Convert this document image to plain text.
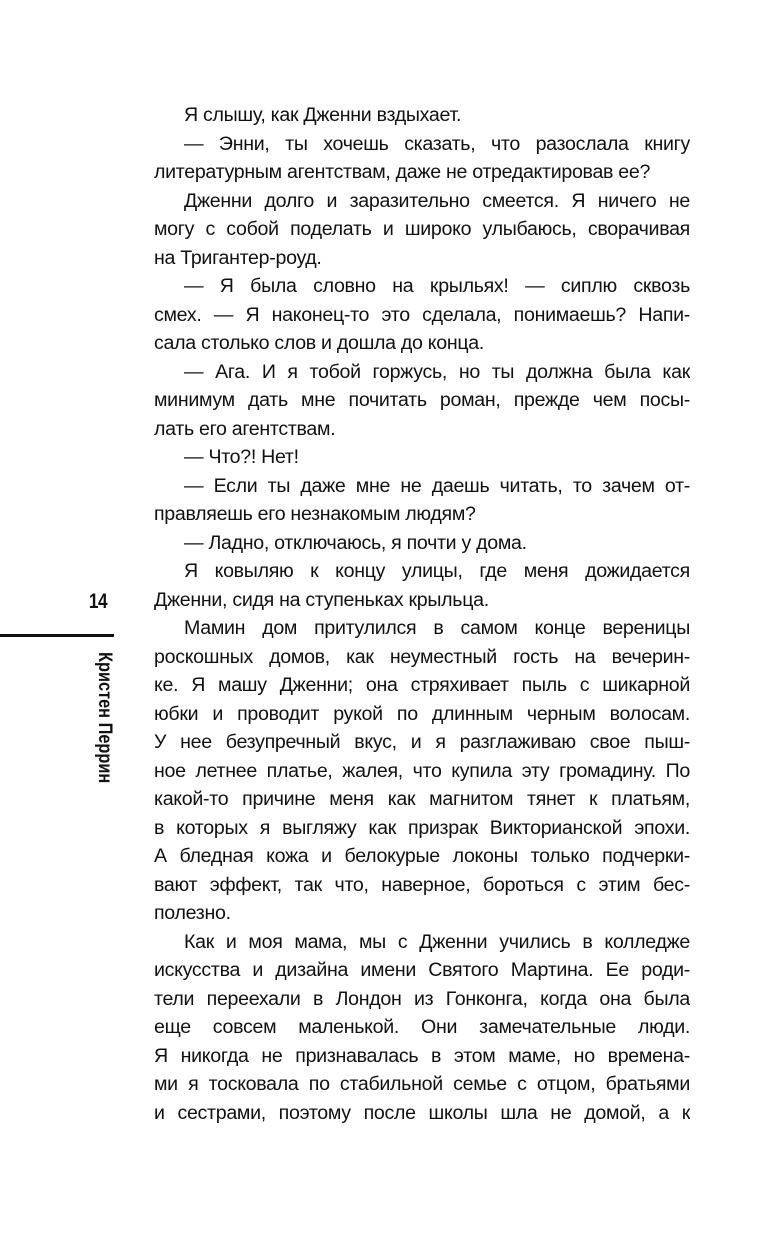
14
Кристен Перрин
Я слышу, как Дженни вздыхает.
— Энни, ты хочешь сказать, что разослала книгу
литературным агентствам, даже не отредактировав ее?
Дженни долго и заразительно смеется. Я ничего не
могу с собой поделать и широко улыбаюсь, сворачивая
на Тригантер-роуд.
— Я была словно на крыльях! — сиплю сквозь
смех. — Я наконец-то это сделала, понимаешь? Напи-
сала столько слов и дошла до конца.
— Ага. И я тобой горжусь, но ты должна была как
минимум дать мне почитать роман, прежде чем посы-
лать его агентствам.
— Что?! Нет!
— Если ты даже мне не даешь читать, то зачем от-
правляешь его незнакомым людям?
— Ладно, отключаюсь, я почти у дома.
Я ковыляю к концу улицы, где меня дожидается
Дженни, сидя на ступеньках крыльца.
Мамин дом притулился в самом конце вереницы
роскошных домов, как неуместный гость на вечерин-
ке. Я машу Дженни; она стряхивает пыль с шикарной
юбки и проводит рукой по длинным черным волосам.
У нее безупречный вкус, и я разглаживаю свое пыш-
ное летнее платье, жалея, что купила эту громадину. По
какой-то причине меня как магнитом тянет к платьям,
в которых я выгляжу как призрак Викторианской эпохи.
А бледная кожа и белокурые локоны только подчерки-
вают эффект, так что, наверное, бороться с этим бес-
полезно.
Как и моя мама, мы с Дженни учились в колледже
искусства и дизайна имени Святого Мартина. Ее роди-
тели переехали в Лондон из Гонконга, когда она была
еще совсем маленькой. Они замечательные люди.
Я никогда не признавалась в этом маме, но времена-
ми я тосковала по стабильной семье с отцом, братьями
и сестрами, поэтому после школы шла не домой, а к
